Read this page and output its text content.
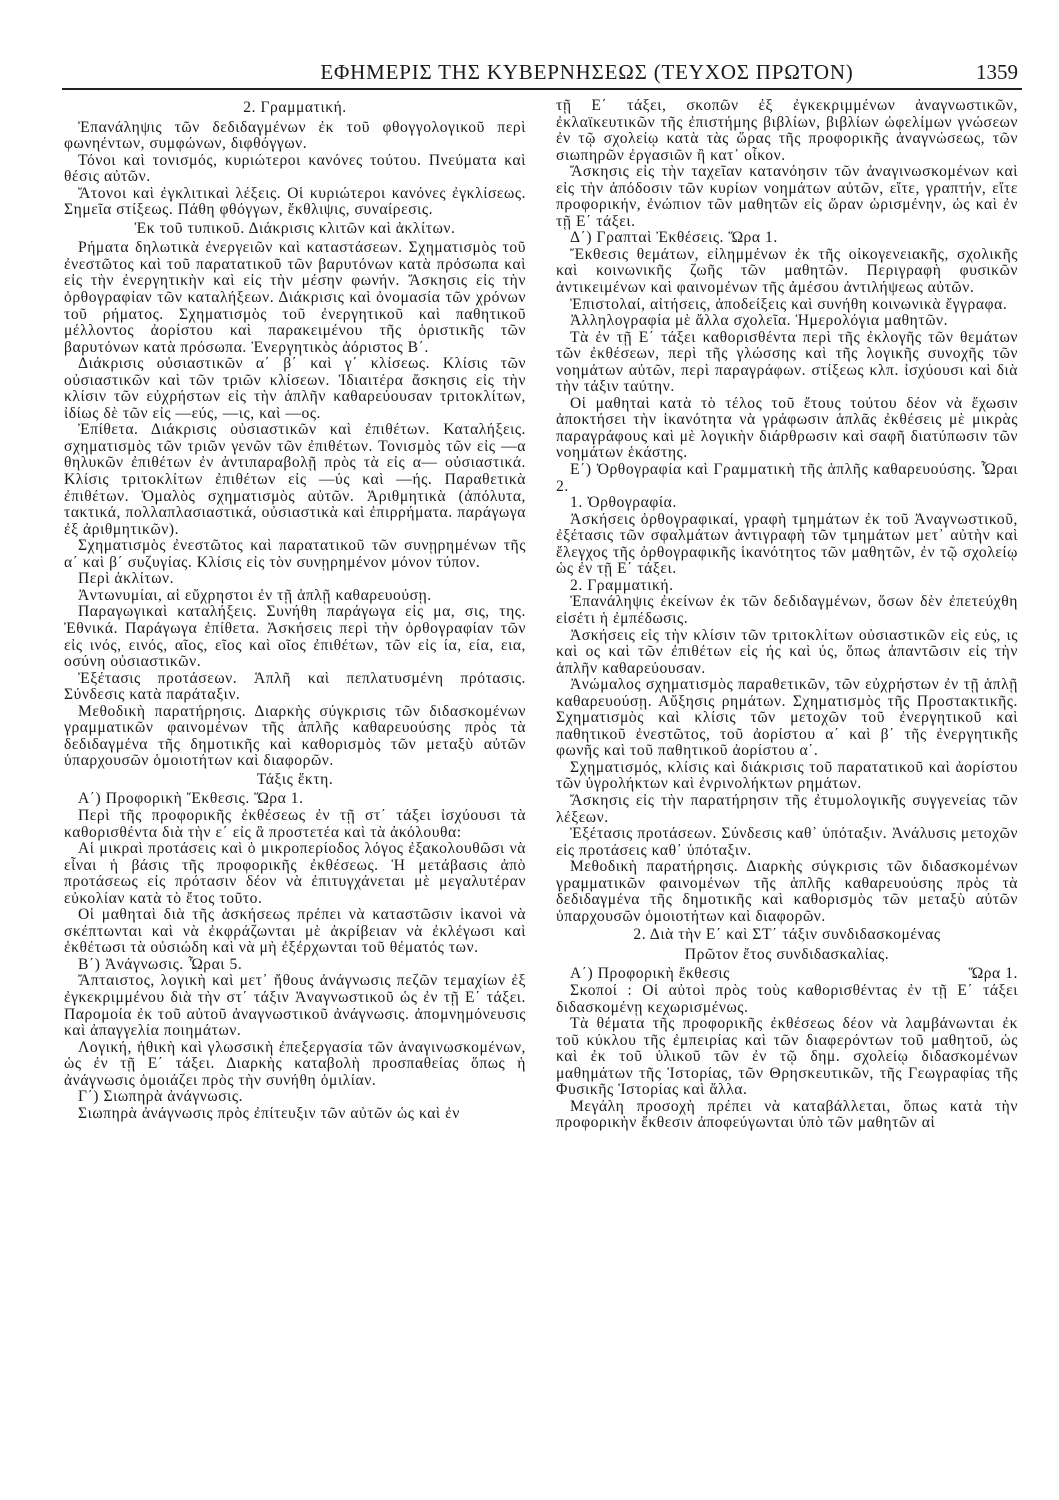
ΕΦΗΜΕΡΙΣ ΤΗΣ ΚΥΒΕΡΝΗΣΕΩΣ (ΤΕΥΧΟΣ ΠΡΩΤΟΝ)	1359

2. Γραμματική.

Ἐπανάληψις τῶν δεδιδαγμένων ἐκ τοῦ φθογγολογικοῦ περὶ φωνηέντων, συμφώνων, διφθόγγων.

Τόνοι καὶ τονισμός, κυριώτεροι κανόνες τούτου. Πνεύματα καὶ θέσις αὐτῶν.

Ἄτονοι καὶ ἐγκλιτικαὶ λέξεις. Οἱ κυριώτεροι κανόνες ἐγκλίσεως. Σημεῖα στίξεως. Πάθη φθόγγων, ἔκθλιψις, συναίρεσις.

Ἐκ τοῦ τυπικοῦ. Διάκρισις κλιτῶν καὶ ἀκλίτων.

Ρήματα δηλωτικὰ ἐνεργειῶν καὶ καταστάσεων. Σχηματισμὸς τοῦ ἐνεστῶτος καὶ τοῦ παρατατικοῦ τῶν βαρυτόνων κατὰ πρόσωπα καὶ εἰς τὴν ἐνεργητικὴν καὶ εἰς τὴν μέσην φωνήν. Ἄσκησις εἰς τὴν ὀρθογραφίαν τῶν καταλήξεων. Διάκρισις καὶ ὀνομασία τῶν χρόνων τοῦ ρήματος. Σχηματισμὸς τοῦ ἐνεργητικοῦ καὶ παθητικοῦ μέλλοντος ἀορίστου καὶ παρακειμένου τῆς ὁριστικῆς τῶν βαρυτόνων κατὰ πρόσωπα. Ἐνεργητικὸς ἀόριστος Β΄.

Διάκρισις οὐσιαστικῶν α΄ β΄ καὶ γ΄ κλίσεως. Κλίσις τῶν οὐσιαστικῶν καὶ τῶν τριῶν κλίσεων. Ἰδιαιτέρα ἄσκησις εἰς τὴν κλίσιν τῶν εὐχρήστων εἰς τὴν ἁπλῆν καθαρεύουσαν τριτοκλίτων, ἰδίως δὲ τῶν εἰς —εύς, —ις, καὶ —ος.

Ἐπίθετα. Διάκρισις οὐσιαστικῶν καὶ ἐπιθέτων. Καταλήξεις. σχηματισμὸς τῶν τριῶν γενῶν τῶν ἐπιθέτων. Τονισμὸς τῶν εἰς —α θηλυκῶν ἐπιθέτων ἐν ἀντιπαραβολῇ πρὸς τὰ εἰς α— οὐσιαστικά. Κλίσις τριτοκλίτων ἐπιθέτων εἰς —ύς καὶ —ής. Παραθετικὰ ἐπιθέτων. Ὁμαλὸς σχηματισμὸς αὐτῶν. Ἀριθμητικὰ (ἀπόλυτα, τακτικά, πολλαπλασιαστικά, οὐσιαστικὰ καὶ ἐπιρρήματα. παράγωγα ἐξ ἀριθμητικῶν).

Σχηματισμὸς ἐνεστῶτος καὶ παρατατικοῦ τῶν συνῃρημένων τῆς α΄ καὶ β΄ συζυγίας. Κλίσις εἰς τὸν συνῃρημένον μόνον τύπον.

Περὶ ἀκλίτων.

Ἀντωνυμίαι, αἱ εὔχρηστοι ἐν τῇ ἁπλῇ καθαρευούσῃ.

Παραγωγικαὶ καταλήξεις. Συνήθη παράγωγα εἰς μα, σις, της. Ἐθνικά. Παράγωγα ἐπίθετα. Ἀσκήσεις περὶ τὴν ὀρθογραφίαν τῶν εἰς ινός, εινός, αῖος, εῖος καὶ οῖος ἐπιθέτων, τῶν εἰς ία, εία, εια, οσύνη οὐσιαστικῶν.

Ἐξέτασις προτάσεων. Ἁπλῆ καὶ πεπλατυσμένη πρότασις. Σύνδεσις κατὰ παράταξιν.

Μεθοδικὴ παρατήρησις. Διαρκὴς σύγκρισις τῶν διδασκομένων γραμματικῶν φαινομένων τῆς ἁπλῆς καθαρευούσης πρὸς τὰ δεδιδαγμένα τῆς δημοτικῆς καὶ καθορισμὸς τῶν μεταξὺ αὐτῶν ὑπαρχουσῶν ὁμοιοτήτων καὶ διαφορῶν.

Τάξις ἕκτη.

Α΄) Προφορικὴ Ἔκθεσις. Ὥρα 1.

Περὶ τῆς προφορικῆς ἐκθέσεως ἐν τῇ στ΄ τάξει ἰσχύουσι τὰ καθορισθέντα διὰ τὴν ε΄ εἰς ἃ προστετέα καὶ τὰ ἀκόλουθα:

Αἱ μικραὶ προτάσεις καὶ ὁ μικροπερίοδος λόγος ἐξακολουθῶσι νὰ εἶναι ἡ βάσις τῆς προφορικῆς ἐκθέσεως. Ἡ μετάβασις ἀπὸ προτάσεως εἰς πρότασιν δέον νὰ ἐπιτυγχάνεται μὲ μεγαλυτέραν εὐκολίαν κατὰ τὸ ἔτος τοῦτο.

Οἱ μαθηταὶ διὰ τῆς ἀσκήσεως πρέπει νὰ καταστῶσιν ἱκανοὶ νὰ σκέπτωνται καὶ νὰ ἐκφράζωνται μὲ ἀκρίβειαν νὰ ἐκλέγωσι καὶ ἐκθέτωσι τὰ οὐσιώδη καὶ νὰ μὴ ἐξέρχωνται τοῦ θέματός των.

Β΄) Ἀνάγνωσις. Ὧραι 5.

Ἄπταιστος, λογικὴ καὶ μετ᾽ ἤθους ἀνάγνωσις πεζῶν τεμαχίων ἐξ ἐγκεκριμμένου διὰ τὴν στ΄ τάξιν Ἀναγνωστικοῦ ὡς ἐν τῇ Ε΄ τάξει. Παρομοία ἐκ τοῦ αὐτοῦ ἀναγνωστικοῦ ἀνάγνωσις. ἀπομνημόνευσις καὶ ἀπαγγελία ποιημάτων.

Λογική, ἠθικὴ καὶ γλωσσικὴ ἐπεξεργασία τῶν ἀναγινωσκομένων, ὡς ἐν τῇ Ε΄ τάξει. Διαρκὴς καταβολὴ προσπαθείας ὅπως ἡ ἀνάγνωσις ὁμοιάζει πρὸς τὴν συνήθη ὁμιλίαν.

Γ΄) Σιωπηρὰ ἀνάγνωσις.

Σιωπηρὰ ἀνάγνωσις πρὸς ἐπίτευξιν τῶν αὐτῶν ὡς καὶ ἐν

τῇ Ε΄ τάξει, σκοπῶν ἐξ ἐγκεκριμμένων ἀναγνωστικῶν, ἐκλαϊκευτικῶν τῆς ἐπιστήμης βιβλίων, βιβλίων ὠφελίμων γνώσεων ἐν τῷ σχολείῳ κατὰ τὰς ὥρας τῆς προφορικῆς ἀναγνώσεως, τῶν σιωπηρῶν ἐργασιῶν ἢ κατ᾽ οἶκον.

Ἄσκησις εἰς τὴν ταχεῖαν κατανόησιν τῶν ἀναγινωσκομένων καὶ εἰς τὴν ἀπόδοσιν τῶν κυρίων νοημάτων αὐτῶν, εἴτε, γραπτήν, εἴτε προφορικήν, ἐνώπιον τῶν μαθητῶν εἰς ὥραν ὡρισμένην, ὡς καὶ ἐν τῇ Ε΄ τάξει.

Δ΄) Γραπταὶ Ἐκθέσεις. Ὥρα 1.

Ἔκθεσις θεμάτων, εἰλημμένων ἐκ τῆς οἰκογενειακῆς, σχολικῆς καὶ κοινωνικῆς ζωῆς τῶν μαθητῶν. Περιγραφὴ φυσικῶν ἀντικειμένων καὶ φαινομένων τῆς ἀμέσου ἀντιλήψεως αὐτῶν.

Ἐπιστολαί, αἰτήσεις, ἀποδείξεις καὶ συνήθη κοινωνικὰ ἔγγραφα.

Ἀλληλογραφία μὲ ἄλλα σχολεῖα. Ἡμερολόγια μαθητῶν.

Τὰ ἐν τῇ Ε΄ τάξει καθορισθέντα περὶ τῆς ἐκλογῆς τῶν θεμάτων τῶν ἐκθέσεων, περὶ τῆς γλώσσης καὶ τῆς λογικῆς συνοχῆς τῶν νοημάτων αὐτῶν, περὶ παραγράφων. στίξεως κλπ. ἰσχύουσι καὶ διὰ τὴν τάξιν ταύτην.

Οἱ μαθηταὶ κατὰ τὸ τέλος τοῦ ἔτους τούτου δέον νὰ ἔχωσιν ἀποκτήσει τὴν ἱκανότητα νὰ γράφωσιν ἁπλᾶς ἐκθέσεις μὲ μικρὰς παραγράφους καὶ μὲ λογικὴν διάρθρωσιν καὶ σαφῆ διατύπωσιν τῶν νοημάτων ἑκάστης.

Ε΄) Ὀρθογραφία καὶ Γραμματικὴ τῆς ἁπλῆς καθαρευούσης. Ὧραι 2.

1. Ὀρθογραφία.

Ἀσκήσεις ὀρθογραφικαί, γραφὴ τμημάτων ἐκ τοῦ Ἀναγνωστικοῦ, ἐξέτασις τῶν σφαλμάτων ἀντιγραφὴ τῶν τμημάτων μετ᾽ αὐτὴν καὶ ἔλεγχος τῆς ὀρθογραφικῆς ἱκανότητος τῶν μαθητῶν, ἐν τῷ σχολείῳ ὡς ἐν τῇ Ε΄ τάξει.

2. Γραμματική.

Ἐπανάληψις ἐκείνων ἐκ τῶν δεδιδαγμένων, ὅσων δὲν ἐπετεύχθη εἰσέτι ἡ ἐμπέδωσις.

Ἀσκήσεις εἰς τὴν κλίσιν τῶν τριτοκλίτων οὐσιαστικῶν εἰς εύς, ις καὶ ος καὶ τῶν ἐπιθέτων εἰς ής καὶ ύς, ὅπως ἀπαντῶσιν εἰς τὴν ἁπλῆν καθαρεύουσαν.

Ἀνώμαλος σχηματισμὸς παραθετικῶν, τῶν εὐχρήστων ἐν τῇ ἁπλῇ καθαρευούσῃ. Αὔξησις ρημάτων. Σχηματισμὸς τῆς Προστακτικῆς. Σχηματισμὸς καὶ κλίσις τῶν μετοχῶν τοῦ ἐνεργητικοῦ καὶ παθητικοῦ ἐνεστῶτος, τοῦ ἀορίστου α΄ καὶ β΄ τῆς ἐνεργητικῆς φωνῆς καὶ τοῦ παθητικοῦ ἀορίστου α΄.

Σχηματισμός, κλίσις καὶ διάκρισις τοῦ παρατατικοῦ καὶ ἀορίστου τῶν ὑγρολήκτων καὶ ἐνρινολήκτων ρημάτων.

Ἄσκησις εἰς τὴν παρατήρησιν τῆς ἐτυμολογικῆς συγγενείας τῶν λέξεων.

Ἐξέτασις προτάσεων. Σύνδεσις καθ᾽ ὑπόταξιν. Ἀνάλυσις μετοχῶν εἰς προτάσεις καθ᾽ ὑπόταξιν.

Μεθοδικὴ παρατήρησις. Διαρκὴς σύγκρισις τῶν διδασκομένων γραμματικῶν φαινομένων τῆς ἁπλῆς καθαρευούσης πρὸς τὰ δεδιδαγμένα τῆς δημοτικῆς καὶ καθορισμὸς τῶν μεταξὺ αὐτῶν ὑπαρχουσῶν ὁμοιοτήτων καὶ διαφορῶν.

2. Διὰ τὴν Ε΄ καὶ ΣΤ΄ τάξιν συνδιδασκομένας

Πρῶτον ἔτος συνδιδασκαλίας.

Α΄) Προφορικὴ ἔκθεσις	Ὥρα 1.

Σκοποί : Οἱ αὐτοὶ πρὸς τοὺς καθορισθέντας ἐν τῇ Ε΄ τάξει διδασκομένῃ κεχωρισμένως.

Τὰ θέματα τῆς προφορικῆς ἐκθέσεως δέον νὰ λαμβάνωνται ἐκ τοῦ κύκλου τῆς ἐμπειρίας καὶ τῶν διαφερόντων τοῦ μαθητοῦ, ὡς καὶ ἐκ τοῦ ὑλικοῦ τῶν ἐν τῷ δημ. σχολείῳ διδασκομένων μαθημάτων τῆς Ἱστορίας, τῶν Θρησκευτικῶν, τῆς Γεωγραφίας τῆς Φυσικῆς Ἱστορίας καὶ ἄλλα.

Μεγάλη προσοχὴ πρέπει νὰ καταβάλλεται, ὅπως κατὰ τὴν προφορικὴν ἔκθεσιν ἀποφεύγωνται ὑπὸ τῶν μαθητῶν αἱ
